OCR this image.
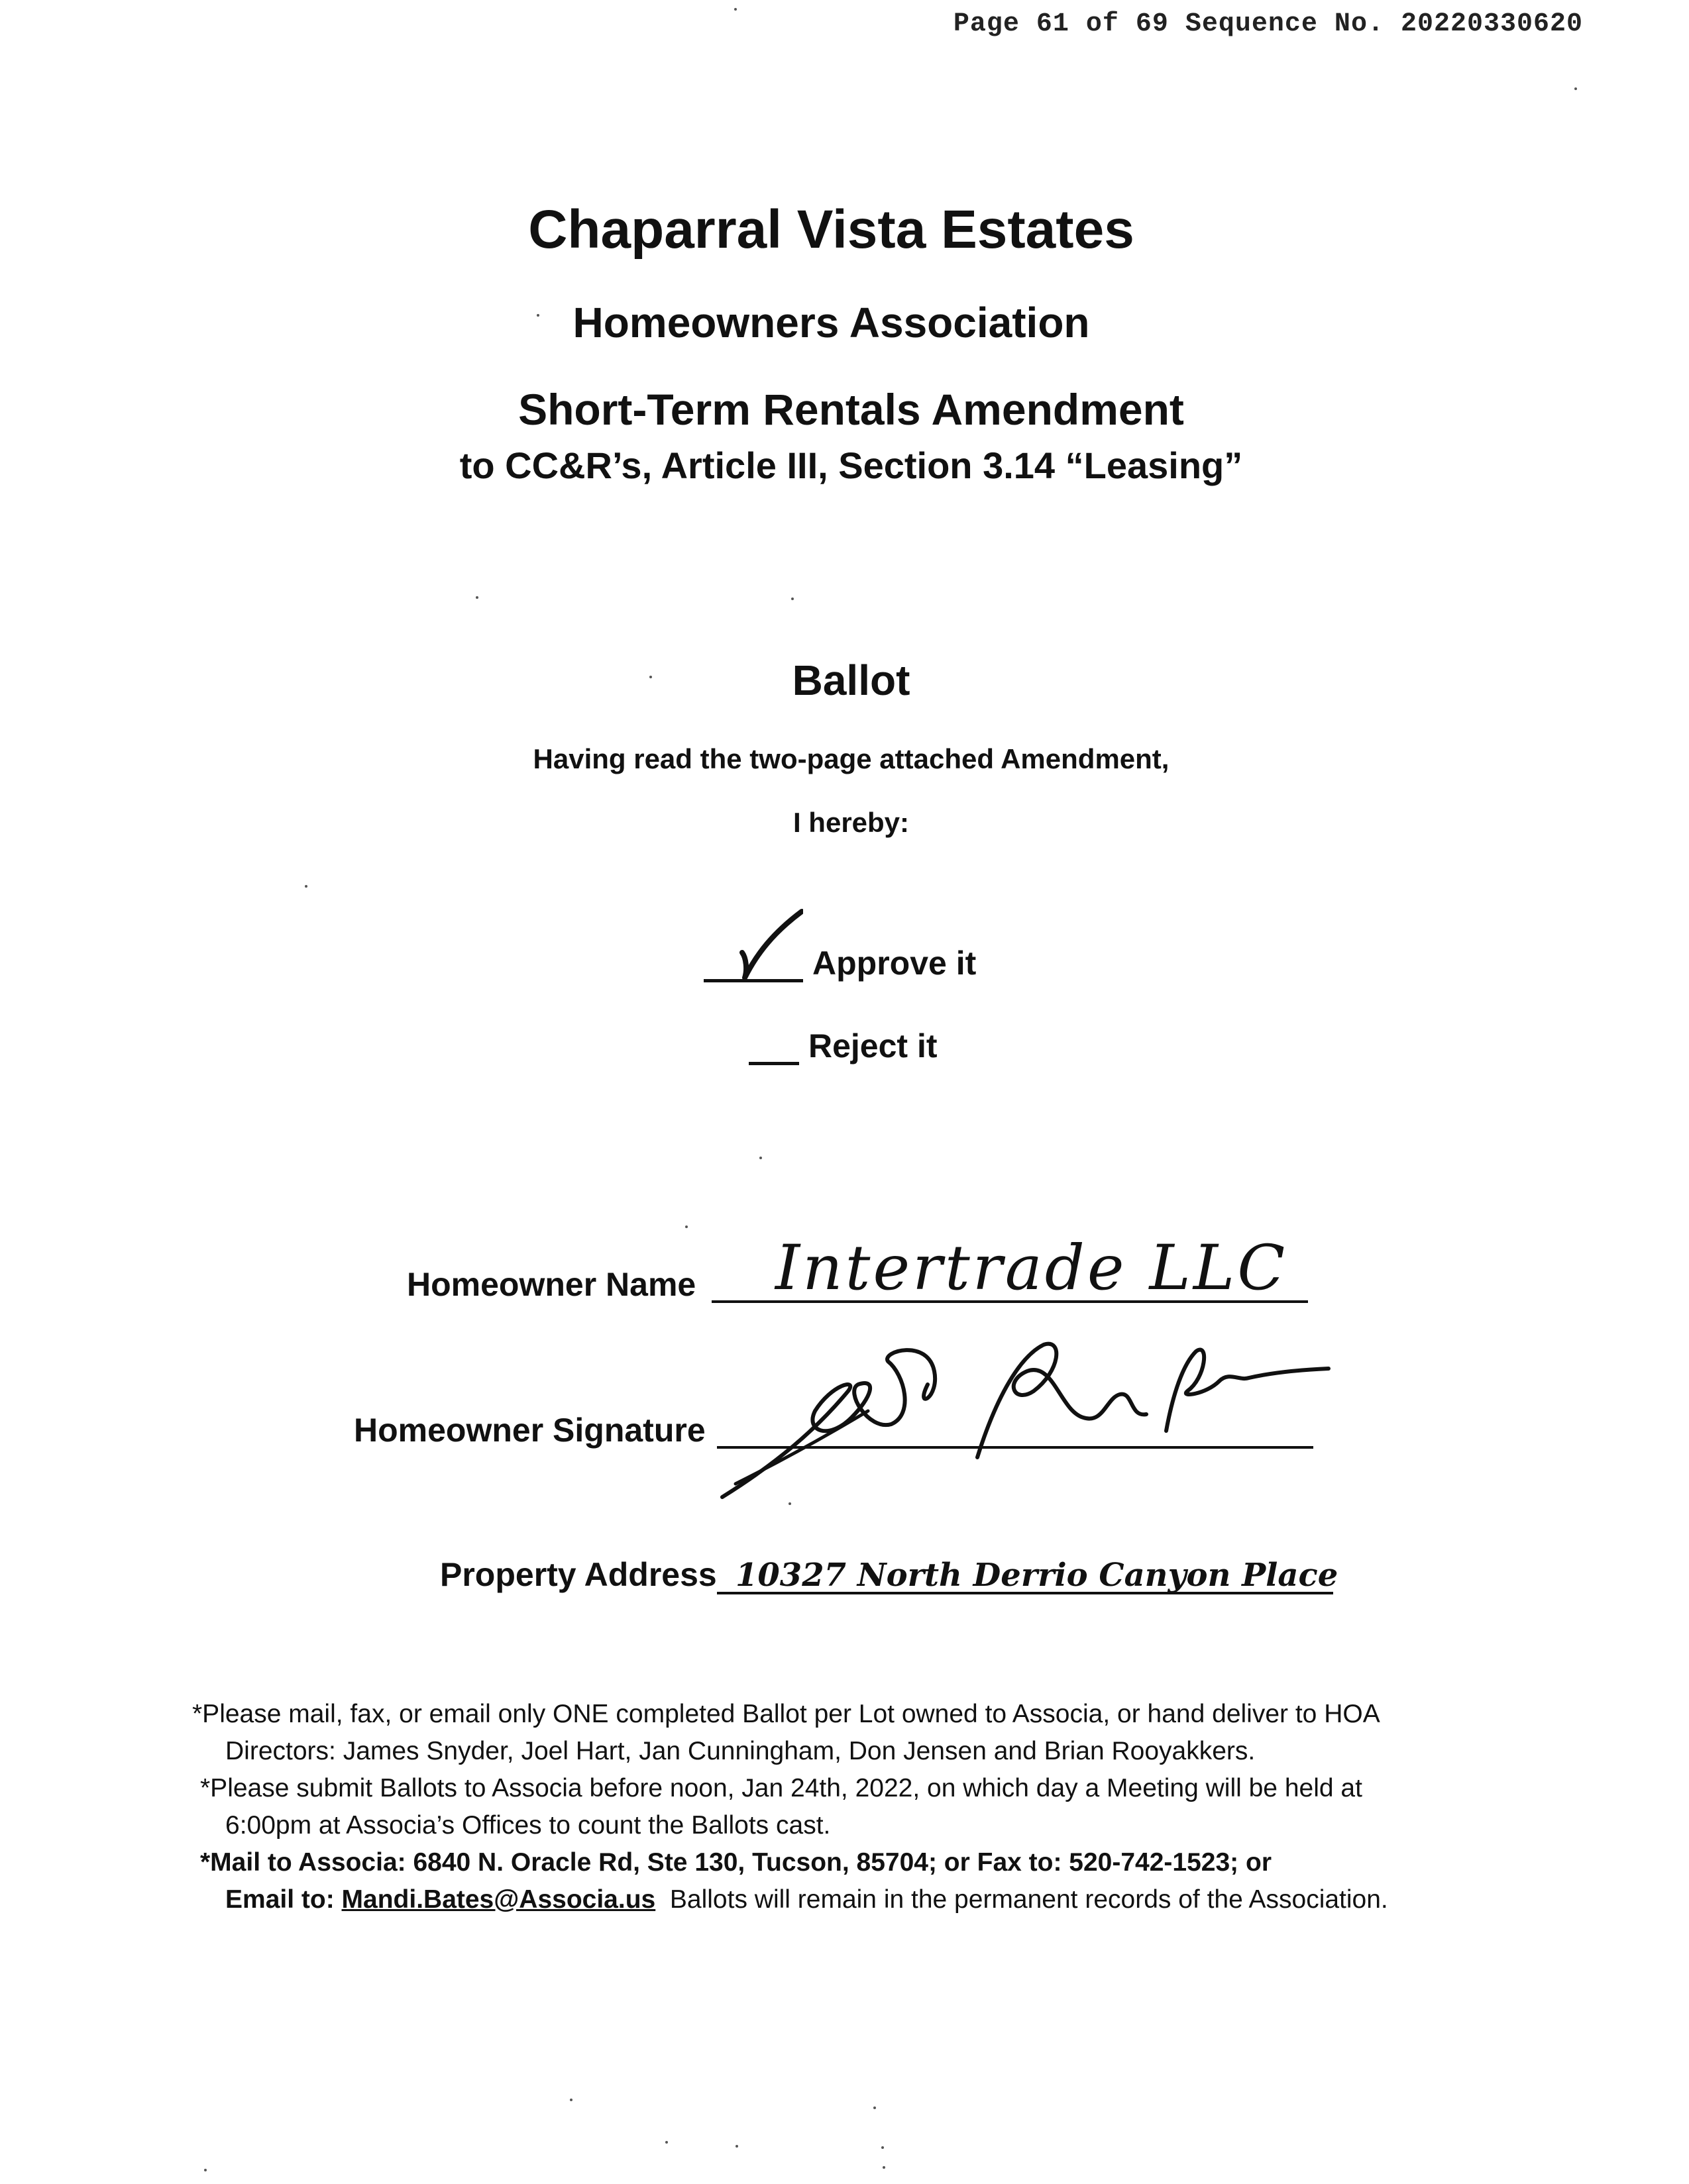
Page 61 of 69 Sequence No. 20220330620
Chaparral Vista Estates
Homeowners Association
Short-Term Rentals Amendment
to CC&R’s, Article III, Section 3.14 “Leasing”
Ballot
Having read the two-page attached Amendment,
I hereby:
Approve it
Reject it
Homeowner Name Intertrade LLC
Homeowner Signature
Property Address 10327 North Derrio Canyon Place

*Please mail, fax, or email only ONE completed Ballot per Lot owned to Associa, or hand deliver to HOA

Directors: James Snyder, Joel Hart, Jan Cunningham, Don Jensen and Brian Rooyakkers.

*Please submit Ballots to Associa before noon, Jan 24th, 2022, on which day a Meeting will be held at

6:00pm at Associa’s Offices to count the Ballots cast.

*Mail to Associa: 6840 N. Oracle Rd, Ste 130, Tucson, 85704; or Fax to: 520-742-1523; or

Email to: Mandi.Bates@Associa.us Ballots will remain in the permanent records of the Association.
